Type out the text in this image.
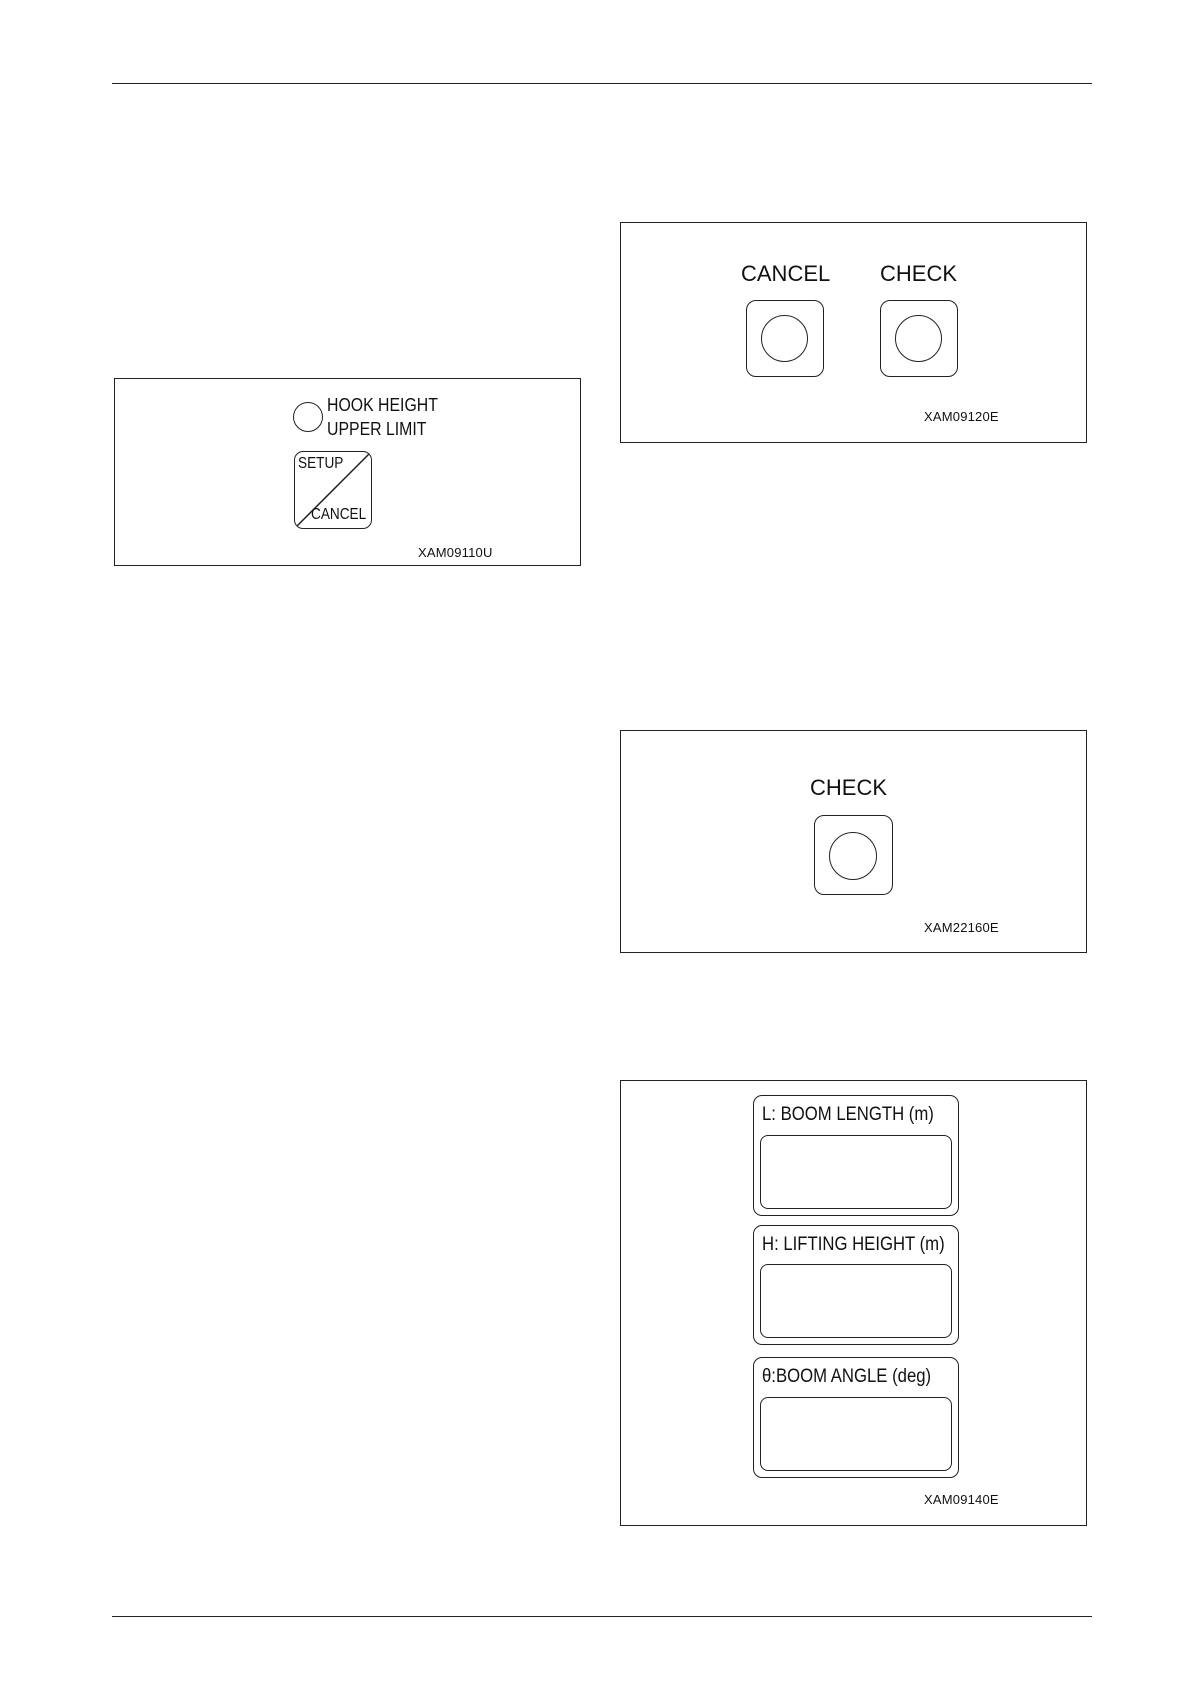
HOOK HEIGHT
UPPER LIMIT
SETUP
CANCEL
XAM09110U
CANCEL CHECK
XAM09120E
CHECK
XAM22160E
L: BOOM LENGTH (m)
H: LIFTING HEIGHT (m)
θ:BOOM ANGLE (deg)
XAM09140E
